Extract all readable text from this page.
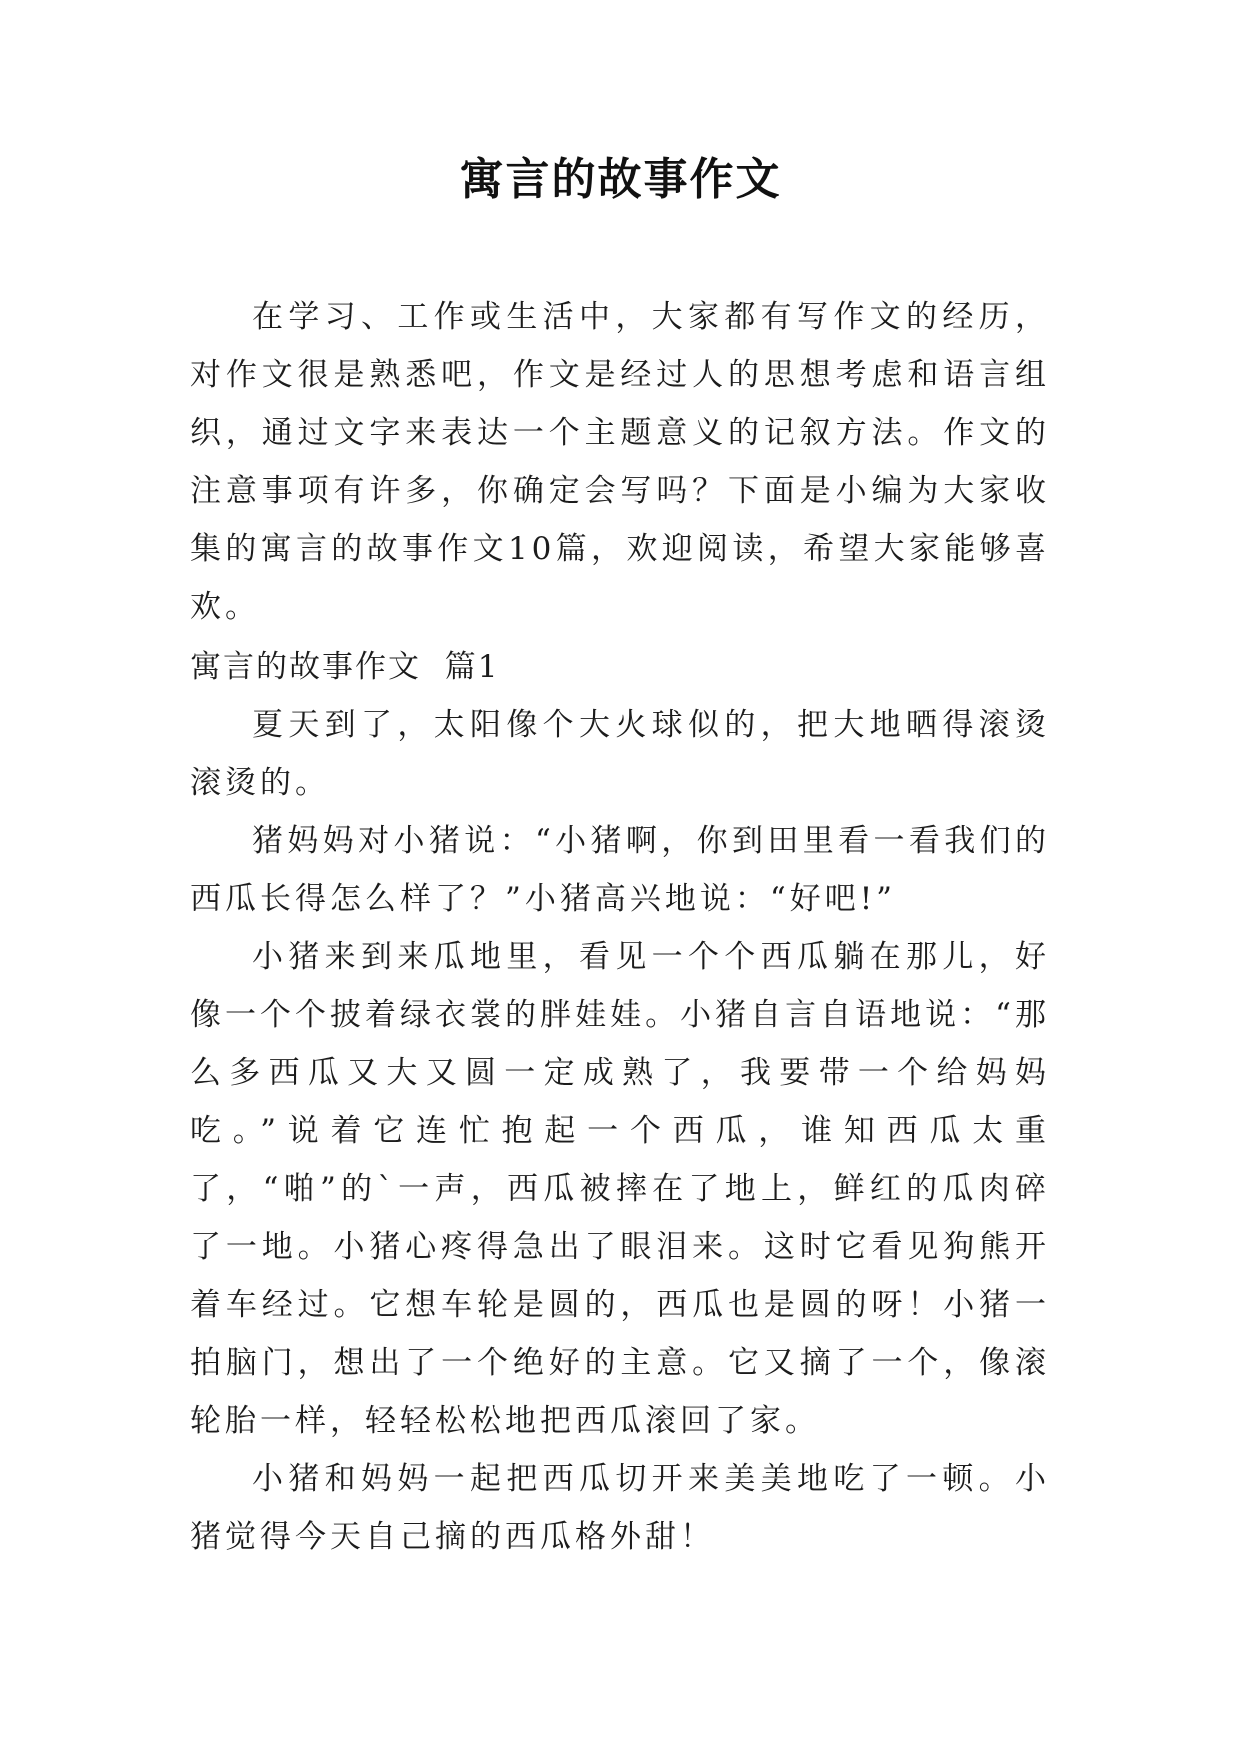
寓言的故事作文

在学习、工作或生活中，大家都有写作文的经历，对作文很是熟悉吧，作文是经过人的思想考虑和语言组织，通过文字来表达一个主题意义的记叙方法。作文的注意事项有许多，你确定会写吗？下面是小编为大家收集的寓言的故事作文10篇，欢迎阅读，希望大家能够喜欢。

寓言的故事作文  篇1

夏天到了，太阳像个大火球似的，把大地晒得滚烫滚烫的。

猪妈妈对小猪说：“小猪啊，你到田里看一看我们的西瓜长得怎么样了？”小猪高兴地说：“好吧!”

小猪来到来瓜地里，看见一个个西瓜躺在那儿，好像一个个披着绿衣裳的胖娃娃。小猪自言自语地说：“那么多西瓜又大又圆一定成熟了，我要带一个给妈妈吃。”说着它连忙抱起一个西瓜，谁知西瓜太重了，“啪”的`一声，西瓜被摔在了地上，鲜红的瓜肉碎了一地。小猪心疼得急出了眼泪来。这时它看见狗熊开着车经过。它想车轮是圆的，西瓜也是圆的呀！小猪一拍脑门，想出了一个绝好的主意。它又摘了一个，像滚轮胎一样，轻轻松松地把西瓜滚回了家。

小猪和妈妈一起把西瓜切开来美美地吃了一顿。小猪觉得今天自己摘的西瓜格外甜！
